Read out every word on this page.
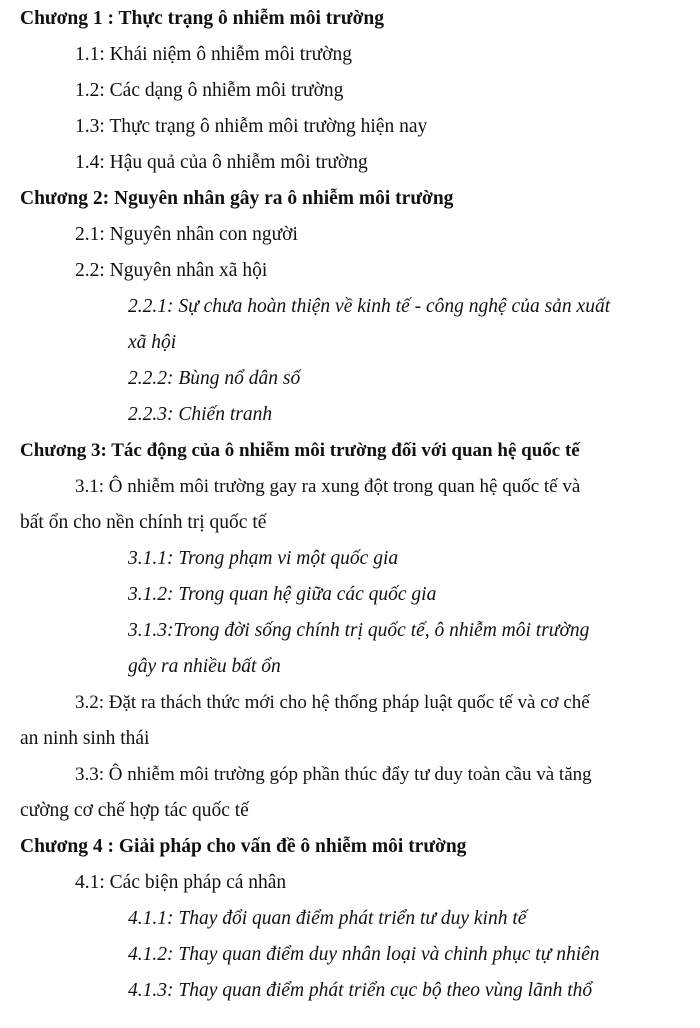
Chương 1 : Thực trạng ô nhiễm môi trường
1.1: Khái niệm ô nhiễm môi trường
1.2: Các dạng ô nhiễm môi trường
1.3: Thực trạng ô nhiễm môi trường hiện nay
1.4: Hậu quả của ô nhiễm môi trường
Chương 2: Nguyên nhân gây ra ô nhiễm môi trường
2.1: Nguyên nhân con người
2.2: Nguyên nhân xã hội
2.2.1: Sự chưa hoàn thiện về kinh tế - công nghệ của sản xuất
xã hội
2.2.2: Bùng nổ dân số
2.2.3: Chiến tranh
Chương 3: Tác động của ô nhiễm môi trường đối với quan hệ quốc tế
3.1: Ô nhiễm môi trường gay ra xung đột trong quan hệ quốc tế và
bất ổn cho nền chính trị quốc tế
3.1.1: Trong phạm vi một quốc gia
3.1.2: Trong quan hệ giữa các quốc gia
3.1.3:Trong đời sống chính trị quốc tế, ô nhiễm môi trường
gây ra nhiều bất ổn
3.2: Đặt ra thách thức mới cho hệ thống pháp luật quốc tế và cơ chế
an ninh sinh thái
3.3: Ô nhiễm môi trường góp phần thúc đẩy tư duy toàn cầu và tăng
cường cơ chế hợp tác quốc tế
Chương 4 : Giải pháp cho vấn đề ô nhiễm môi trường
4.1: Các biện pháp cá nhân
4.1.1: Thay đổi quan điểm phát triển tư duy kinh tế
4.1.2: Thay quan điểm duy nhân loại và chinh phục tự nhiên
4.1.3: Thay quan điểm phát triển cục bộ theo vùng lãnh thổ
